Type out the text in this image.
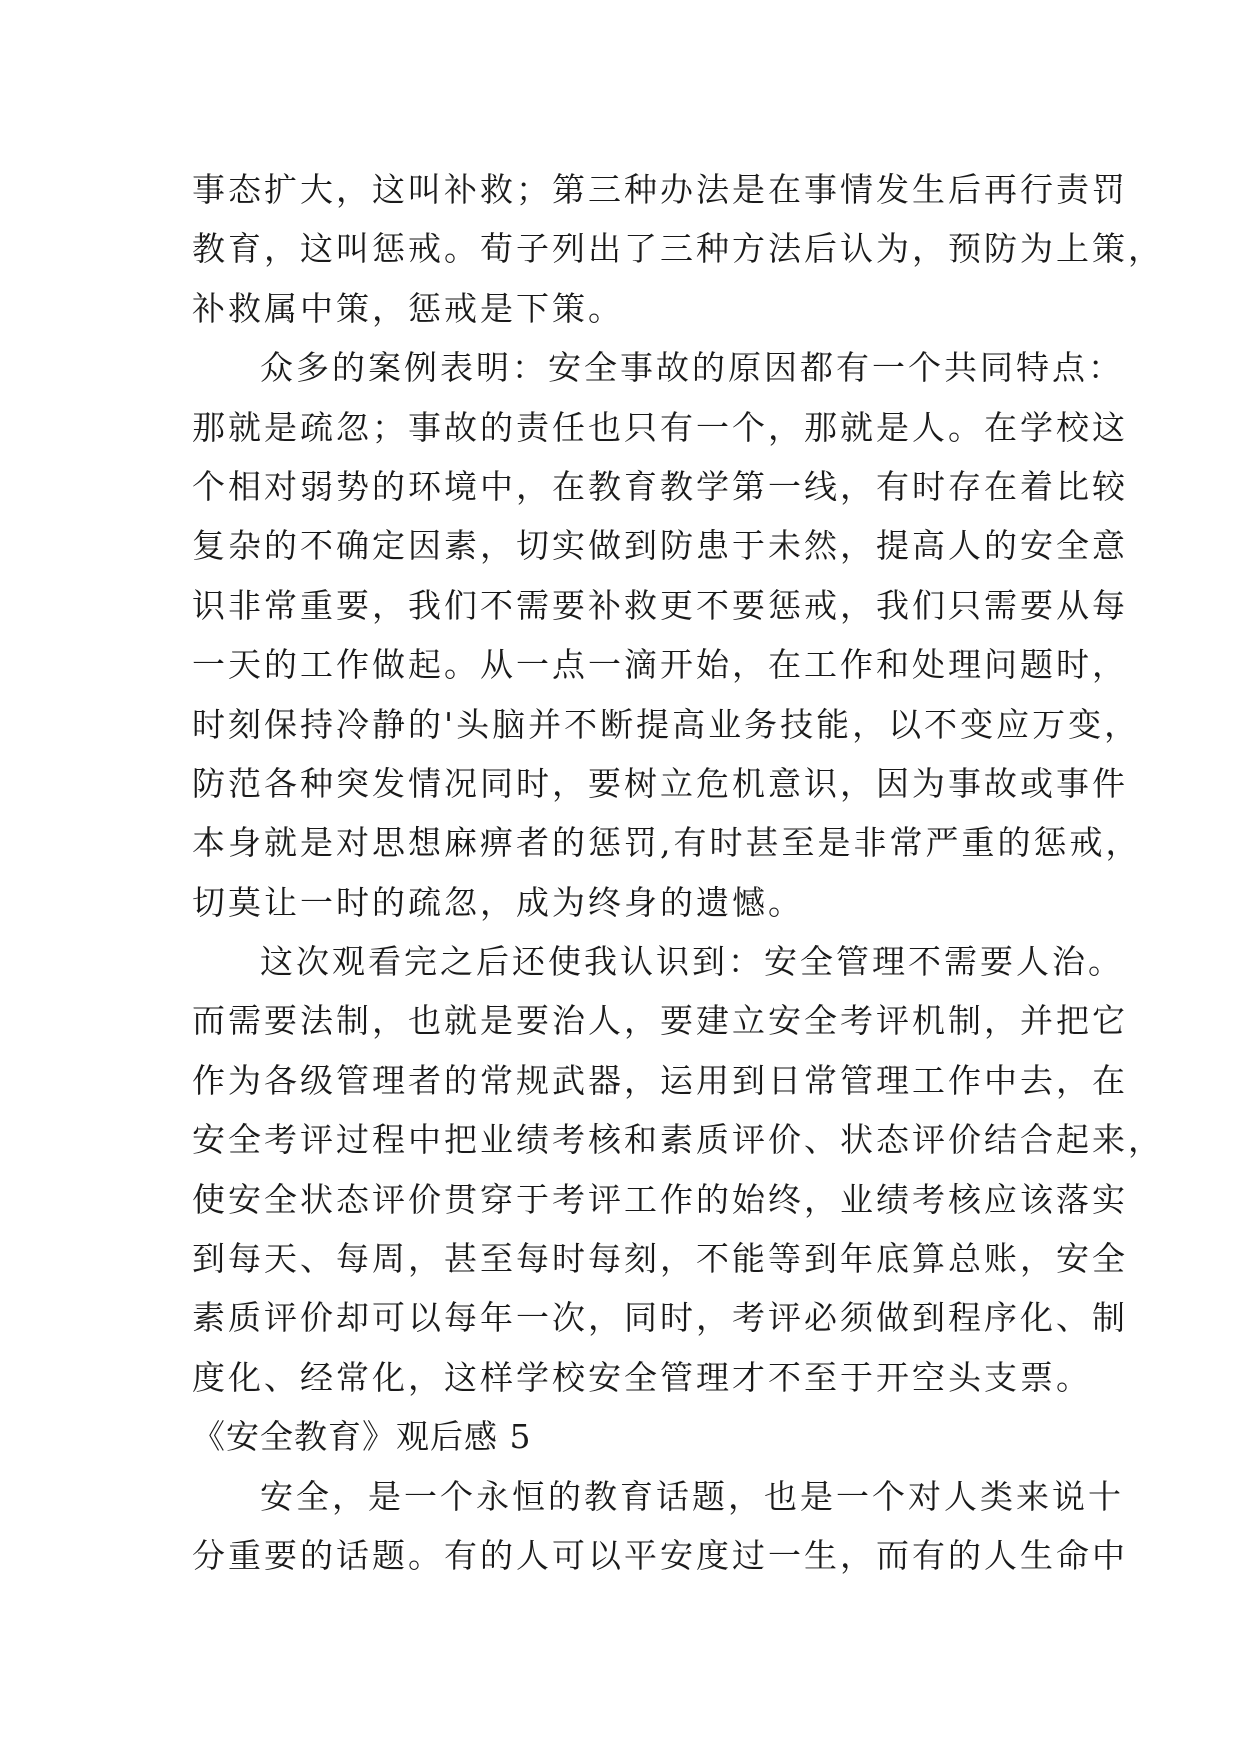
事态扩大，这叫补救；第三种办法是在事情发生后再行责罚
教育，这叫惩戒。荀子列出了三种方法后认为，预防为上策，
补救属中策，惩戒是下策。
众多的案例表明：安全事故的原因都有一个共同特点：
那就是疏忽；事故的责任也只有一个，那就是人。在学校这
个相对弱势的环境中，在教育教学第一线，有时存在着比较
复杂的不确定因素，切实做到防患于未然，提高人的安全意
识非常重要，我们不需要补救更不要惩戒，我们只需要从每
一天的工作做起。从一点一滴开始，在工作和处理问题时，
时刻保持冷静的'头脑并不断提高业务技能，以不变应万变，
防范各种突发情况同时，要树立危机意识，因为事故或事件
本身就是对思想麻痹者的惩罚,有时甚至是非常严重的惩戒，
切莫让一时的疏忽，成为终身的遗憾。
这次观看完之后还使我认识到：安全管理不需要人治。
而需要法制，也就是要治人，要建立安全考评机制，并把它
作为各级管理者的常规武器，运用到日常管理工作中去，在
安全考评过程中把业绩考核和素质评价、状态评价结合起来，
使安全状态评价贯穿于考评工作的始终，业绩考核应该落实
到每天、每周，甚至每时每刻，不能等到年底算总账，安全
素质评价却可以每年一次，同时，考评必须做到程序化、制
度化、经常化，这样学校安全管理才不至于开空头支票。
《安全教育》观后感 5
安全，是一个永恒的教育话题，也是一个对人类来说十
分重要的话题。有的人可以平安度过一生，而有的人生命中
